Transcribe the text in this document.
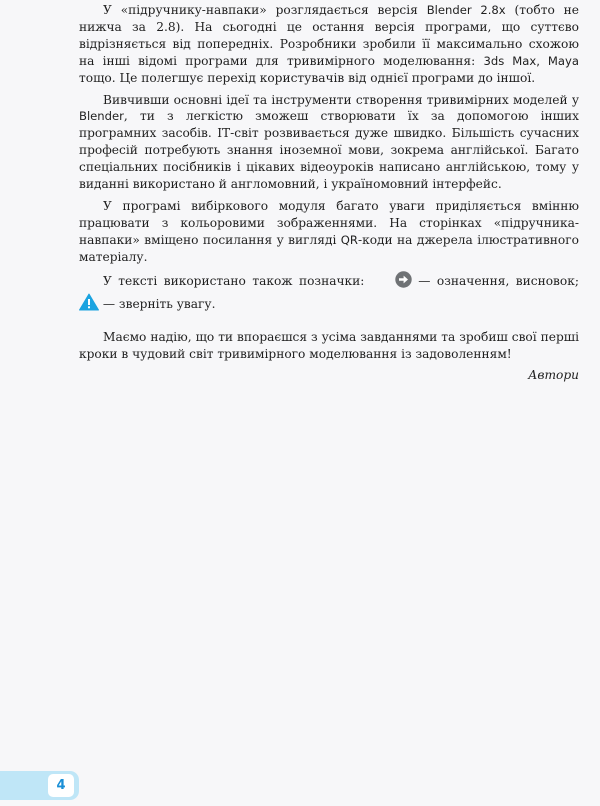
У «підручнику-навпаки» розглядається версія Blender 2.8x (тобто не нижча за 2.8). На сьогодні це остання версія програми, що суттєво відрізняється від попередніх. Розробники зробили її максимально схожою на інші відомі програми для тривимірного моделювання: 3ds Max, Maya тощо. Це полегшує перехід користувачів від однієї програми до іншої.

Вивчивши основні ідеї та інструменти створення тривимірних моделей у Blender, ти з легкістю зможеш створювати їх за допомогою інших програмних засобів. ІТ-світ розвивається дуже швидко. Більшість сучасних професій потребують знання іноземної мови, зокрема англійської. Багато спеціальних посібників і цікавих відеоуроків написано англійською, тому у виданні використано й англомовний, і україномовний інтерфейс.

У програмі вибіркового модуля багато уваги приділяється вмінню працювати з кольоровими зображеннями. На сторінках «підручника-навпаки» вміщено посилання у вигляді QR-коди на джерела ілюстративного матеріалу.

У тексті використано також позначки:	— означення, висновок;  — зверніть увагу.

Маємо надію, що ти впораєшся з усіма завданнями та зробиш свої перші кроки в чудовий світ тривимірного моделювання із задоволенням!

Автори
4
